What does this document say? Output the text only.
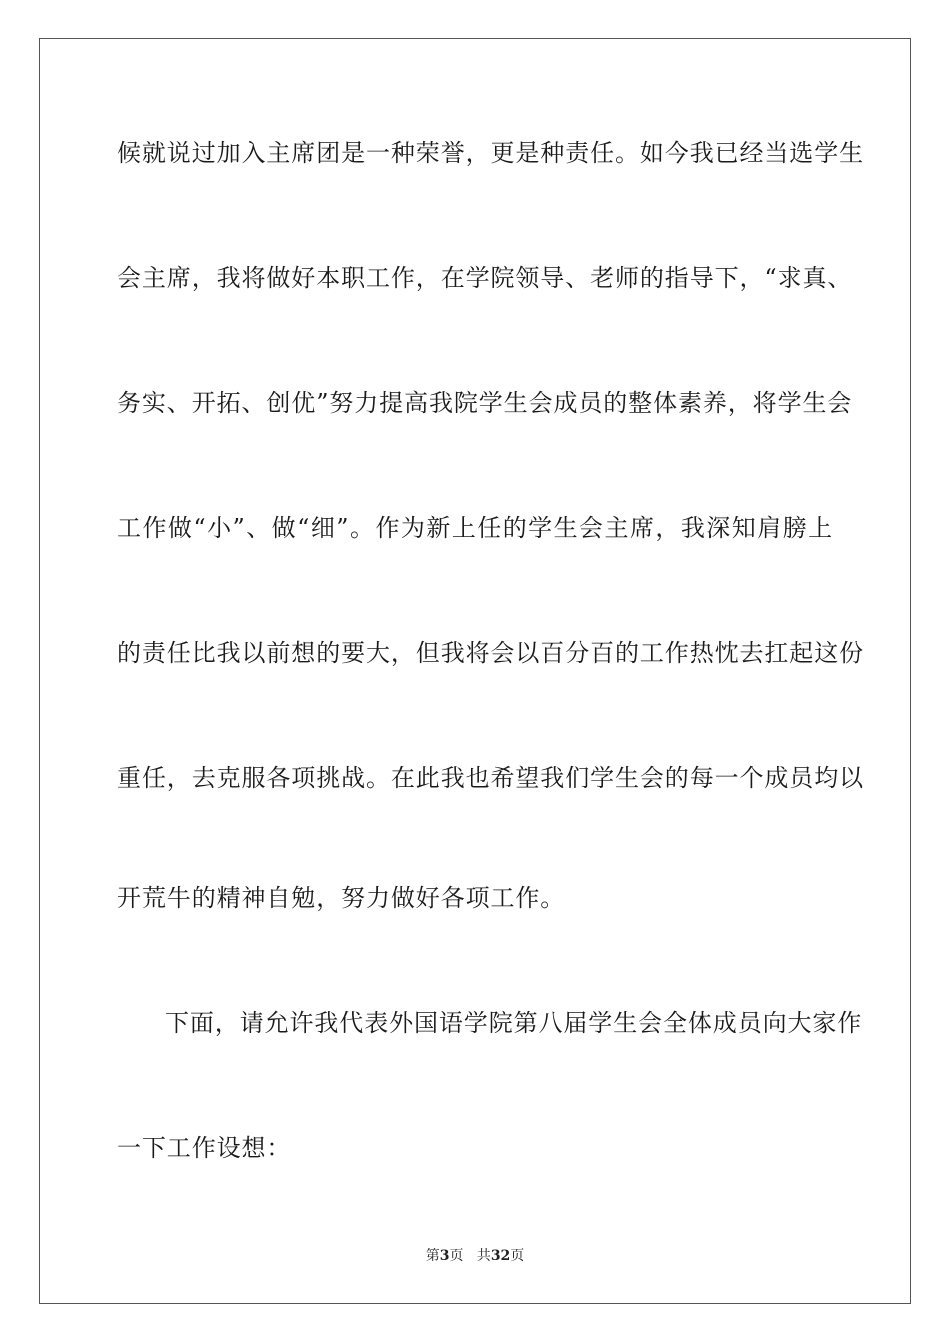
候就说过加入主席团是一种荣誉，更是种责任。如今我已经当选学生
会主席，我将做好本职工作，在学院领导、老师的指导下，“求真、
务实、开拓、创优”努力提高我院学生会成员的整体素养，将学生会
工作做“小”、做“细”。作为新上任的学生会主席，我深知肩膀上
的责任比我以前想的要大，但我将会以百分百的工作热忱去扛起这份
重任，去克服各项挑战。在此我也希望我们学生会的每一个成员均以
开荒牛的精神自勉，努力做好各项工作。
下面，请允许我代表外国语学院第八届学生会全体成员向大家作
一下工作设想：
第3页 共32页
